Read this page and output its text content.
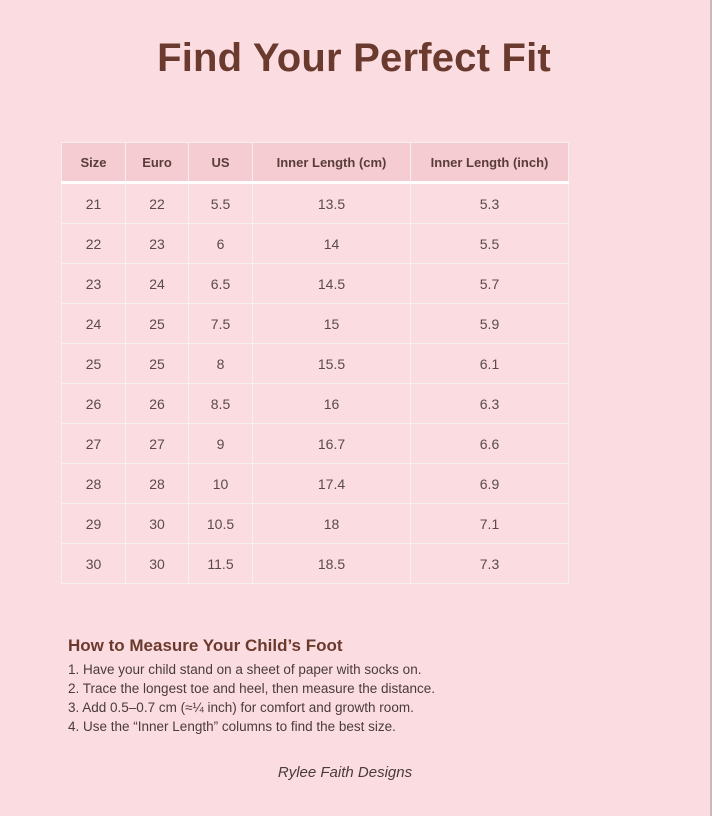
Find Your Perfect Fit
Size	Euro	US	Inner Length (cm)	Inner Length (inch)
21	22	5.5	13.5	5.3
22	23	6	14	5.5
23	24	6.5	14.5	5.7
24	25	7.5	15	5.9
25	25	8	15.5	6.1
26	26	8.5	16	6.3
27	27	9	16.7	6.6
28	28	10	17.4	6.9
29	30	10.5	18	7.1
30	30	11.5	18.5	7.3

How to Measure Your Child’s Foot

1. Have your child stand on a sheet of paper with socks on.

2. Trace the longest toe and heel, then measure the distance.

3. Add 0.5–0.7 cm (≈¼ inch) for comfort and growth room.

4. Use the “Inner Length” columns to find the best size.

Rylee Faith Designs
